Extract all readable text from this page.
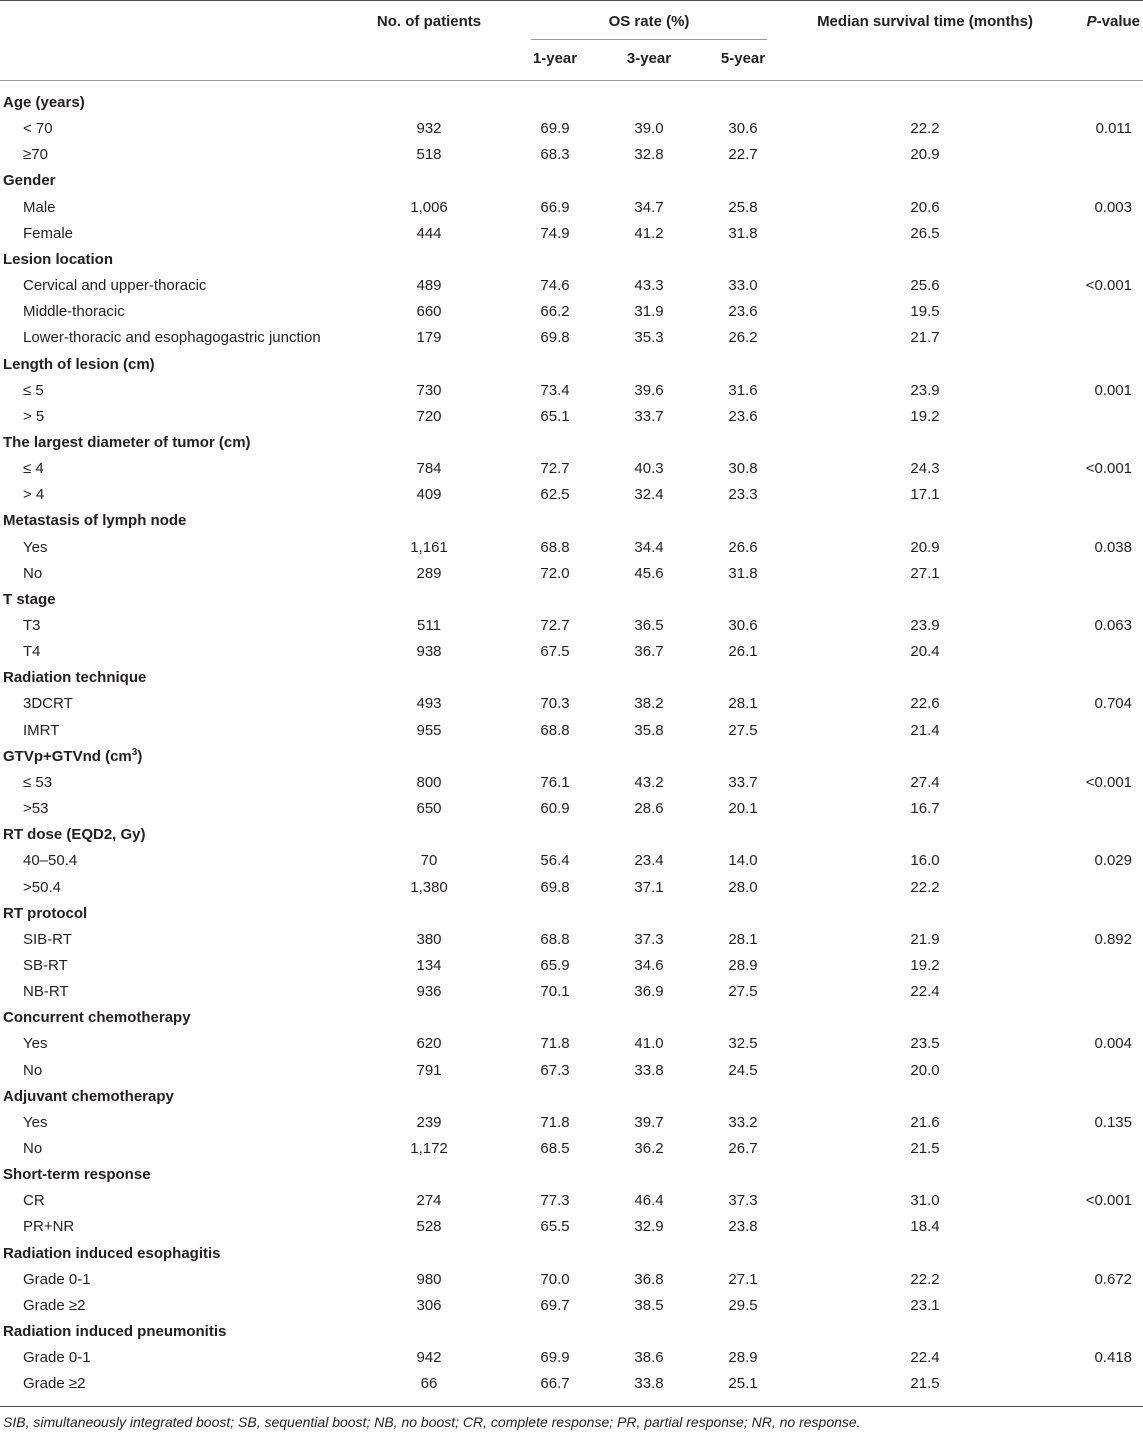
No. of patients	OS rate (%)	Median survival time (months)	P-value
1-year	3-year	5-year
Age (years)
< 70	932	69.9	39.0	30.6	22.2	0.011
≥70	518	68.3	32.8	22.7	20.9
Gender
Male	1,006	66.9	34.7	25.8	20.6	0.003
Female	444	74.9	41.2	31.8	26.5
Lesion location
Cervical and upper-thoracic	489	74.6	43.3	33.0	25.6	<0.001
Middle-thoracic	660	66.2	31.9	23.6	19.5
Lower-thoracic and esophagogastric junction	179	69.8	35.3	26.2	21.7
Length of lesion (cm)
≤ 5	730	73.4	39.6	31.6	23.9	0.001
> 5	720	65.1	33.7	23.6	19.2
The largest diameter of tumor (cm)
≤ 4	784	72.7	40.3	30.8	24.3	<0.001
> 4	409	62.5	32.4	23.3	17.1
Metastasis of lymph node
Yes	1,161	68.8	34.4	26.6	20.9	0.038
No	289	72.0	45.6	31.8	27.1
T stage
T3	511	72.7	36.5	30.6	23.9	0.063
T4	938	67.5	36.7	26.1	20.4
Radiation technique
3DCRT	493	70.3	38.2	28.1	22.6	0.704
IMRT	955	68.8	35.8	27.5	21.4
GTVp+GTVnd $(cm^3)$
≤ 53	800	76.1	43.2	33.7	27.4	<0.001
>53	650	60.9	28.6	20.1	16.7
RT dose (EQD2, Gy)
40–50.4	70	56.4	23.4	14.0	16.0	0.029
>50.4	1,380	69.8	37.1	28.0	22.2
RT protocol
SIB-RT	380	68.8	37.3	28.1	21.9	0.892
SB-RT	134	65.9	34.6	28.9	19.2
NB-RT	936	70.1	36.9	27.5	22.4
Concurrent chemotherapy
Yes	620	71.8	41.0	32.5	23.5	0.004
No	791	67.3	33.8	24.5	20.0
Adjuvant chemotherapy
Yes	239	71.8	39.7	33.2	21.6	0.135
No	1,172	68.5	36.2	26.7	21.5
Short-term response
CR	274	77.3	46.4	37.3	31.0	<0.001
PR+NR	528	65.5	32.9	23.8	18.4
Radiation induced esophagitis
Grade 0-1	980	70.0	36.8	27.1	22.2	0.672
Grade ≥2	306	69.7	38.5	29.5	23.1
Radiation induced pneumonitis
Grade 0-1	942	69.9	38.6	28.9	22.4	0.418
Grade ≥2	66	66.7	33.8	25.1	21.5
SIB, simultaneously integrated boost; SB, sequential boost; NB, no boost; CR, complete response; PR, partial response; NR, no response.
